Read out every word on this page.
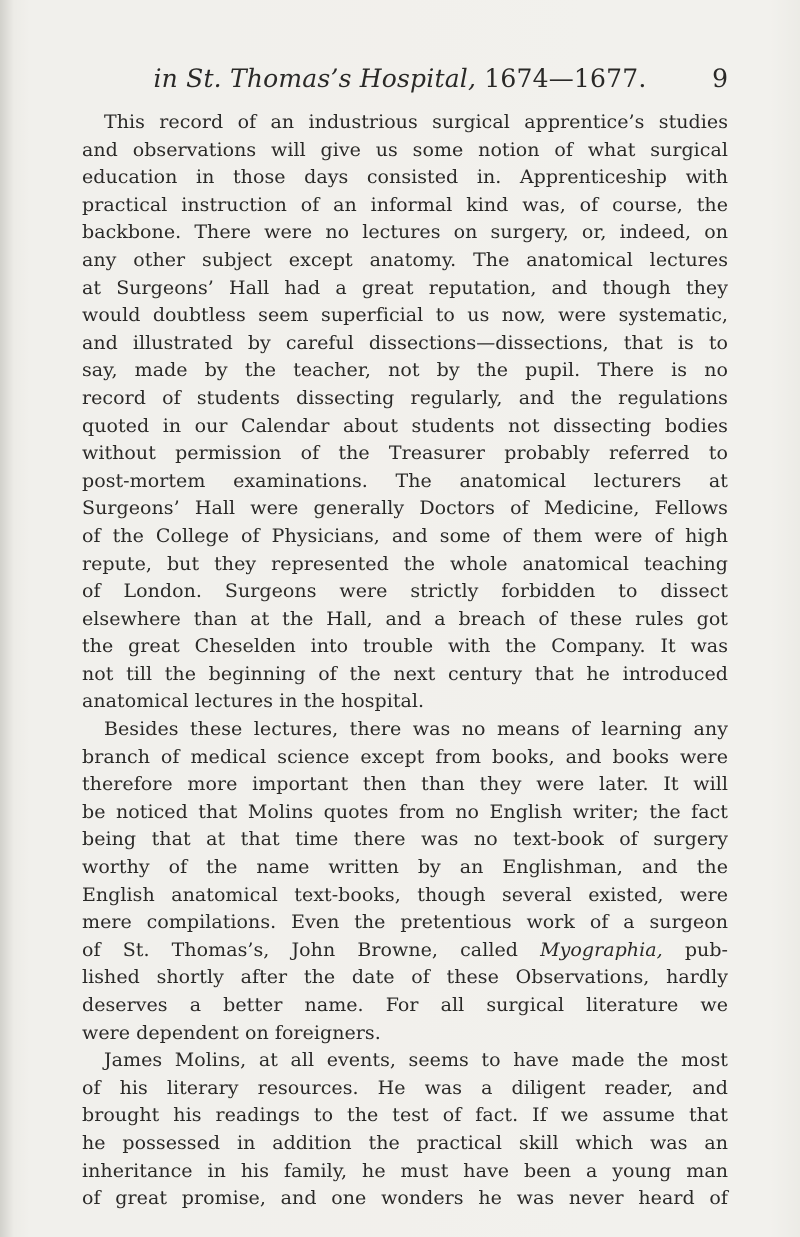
in St. Thomas’s Hospital, 1674—1677.	9
This record of an industrious surgical apprentice’s studies
and observations will give us some notion of what surgical
education in those days consisted in. Apprenticeship with
practical instruction of an informal kind was, of course, the
backbone. There were no lectures on surgery, or, indeed, on
any other subject except anatomy. The anatomical lectures
at Surgeons’ Hall had a great reputation, and though they
would doubtless seem superficial to us now, were systematic,
and illustrated by careful dissections—dissections, that is to
say, made by the teacher, not by the pupil. There is no
record of students dissecting regularly, and the regulations
quoted in our Calendar about students not dissecting bodies
without permission of the Treasurer probably referred to
post-mortem examinations. The anatomical lecturers at
Surgeons’ Hall were generally Doctors of Medicine, Fellows
of the College of Physicians, and some of them were of high
repute, but they represented the whole anatomical teaching
of London. Surgeons were strictly forbidden to dissect
elsewhere than at the Hall, and a breach of these rules got
the great Cheselden into trouble with the Company. It was
not till the beginning of the next century that he introduced
anatomical lectures in the hospital.
Besides these lectures, there was no means of learning any
branch of medical science except from books, and books were
therefore more important then than they were later. It will
be noticed that Molins quotes from no English writer; the fact
being that at that time there was no text-book of surgery
worthy of the name written by an Englishman, and the
English anatomical text-books, though several existed, were
mere compilations. Even the pretentious work of a surgeon
of St. Thomas’s, John Browne, called Myographia, pub-
lished shortly after the date of these Observations, hardly
deserves a better name. For all surgical literature we
were dependent on foreigners.
James Molins, at all events, seems to have made the most
of his literary resources. He was a diligent reader, and
brought his readings to the test of fact. If we assume that
he possessed in addition the practical skill which was an
inheritance in his family, he must have been a young man
of great promise, and one wonders he was never heard of
